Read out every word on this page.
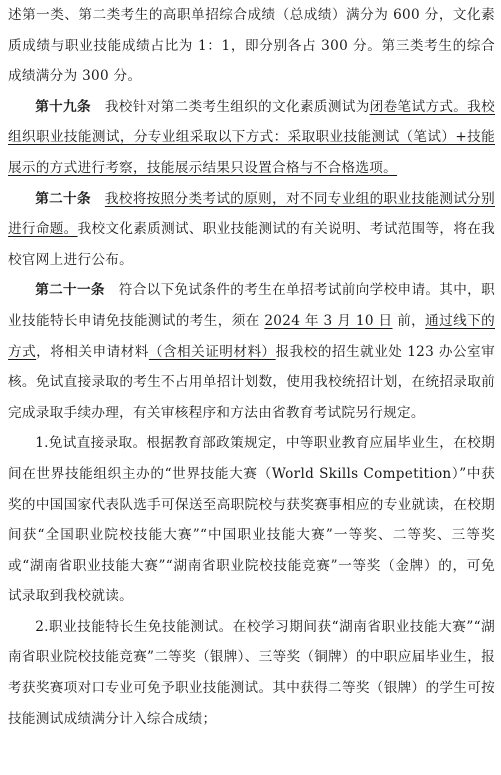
述第一类、第二类考生的高职单招综合成绩（总成绩）满分为 600 分，文化素质成绩与职业技能成绩占比为 1：1，即分别各占 300 分。第三类考生的综合成绩满分为 300 分。

第十九条　我校针对第二类考生组织的文化素质测试为闭卷笔试方式。我校组织职业技能测试，分专业组采取以下方式：采取职业技能测试（笔试）+技能展示的方式进行考察，技能展示结果只设置合格与不合格选项。

第二十条　 我校将按照分类考试的原则，对不同专业组的职业技能测试分别进行命题。我校文化素质测试、职业技能测试的有关说明、考试范围等，将在我校官网上进行公布。

第二十一条　符合以下免试条件的考生在单招考试前向学校申请。其中，职业技能特长申请免技能测试的考生，须在 2024 年 3 月 10 日 前，通过线下的方式，将相关申请材料（含相关证明材料）报我校的招生就业处 123 办公室审核。免试直接录取的考生不占用单招计划数，使用我校统招计划，在统招录取前完成录取手续办理，有关审核程序和方法由省教育考试院另行规定。

1.免试直接录取。根据教育部政策规定，中等职业教育应届毕业生，在校期间在世界技能组织主办的“世界技能大赛（World Skills Competition）”中获奖的中国国家代表队选手可保送至高职院校与获奖赛事相应的专业就读，在校期间获“全国职业院校技能大赛”“中国职业技能大赛”一等奖、二等奖、三等奖或“湖南省职业技能大赛”“湖南省职业院校技能竞赛”一等奖（金牌）的，可免试录取到我校就读。

2.职业技能特长生免技能测试。在校学习期间获“湖南省职业技能大赛”“湖南省职业院校技能竞赛”二等奖（银牌）、三等奖（铜牌）的中职应届毕业生，报考获奖赛项对口专业可免予职业技能测试。其中获得二等奖（银牌）的学生可按技能测试成绩满分计入综合成绩；
